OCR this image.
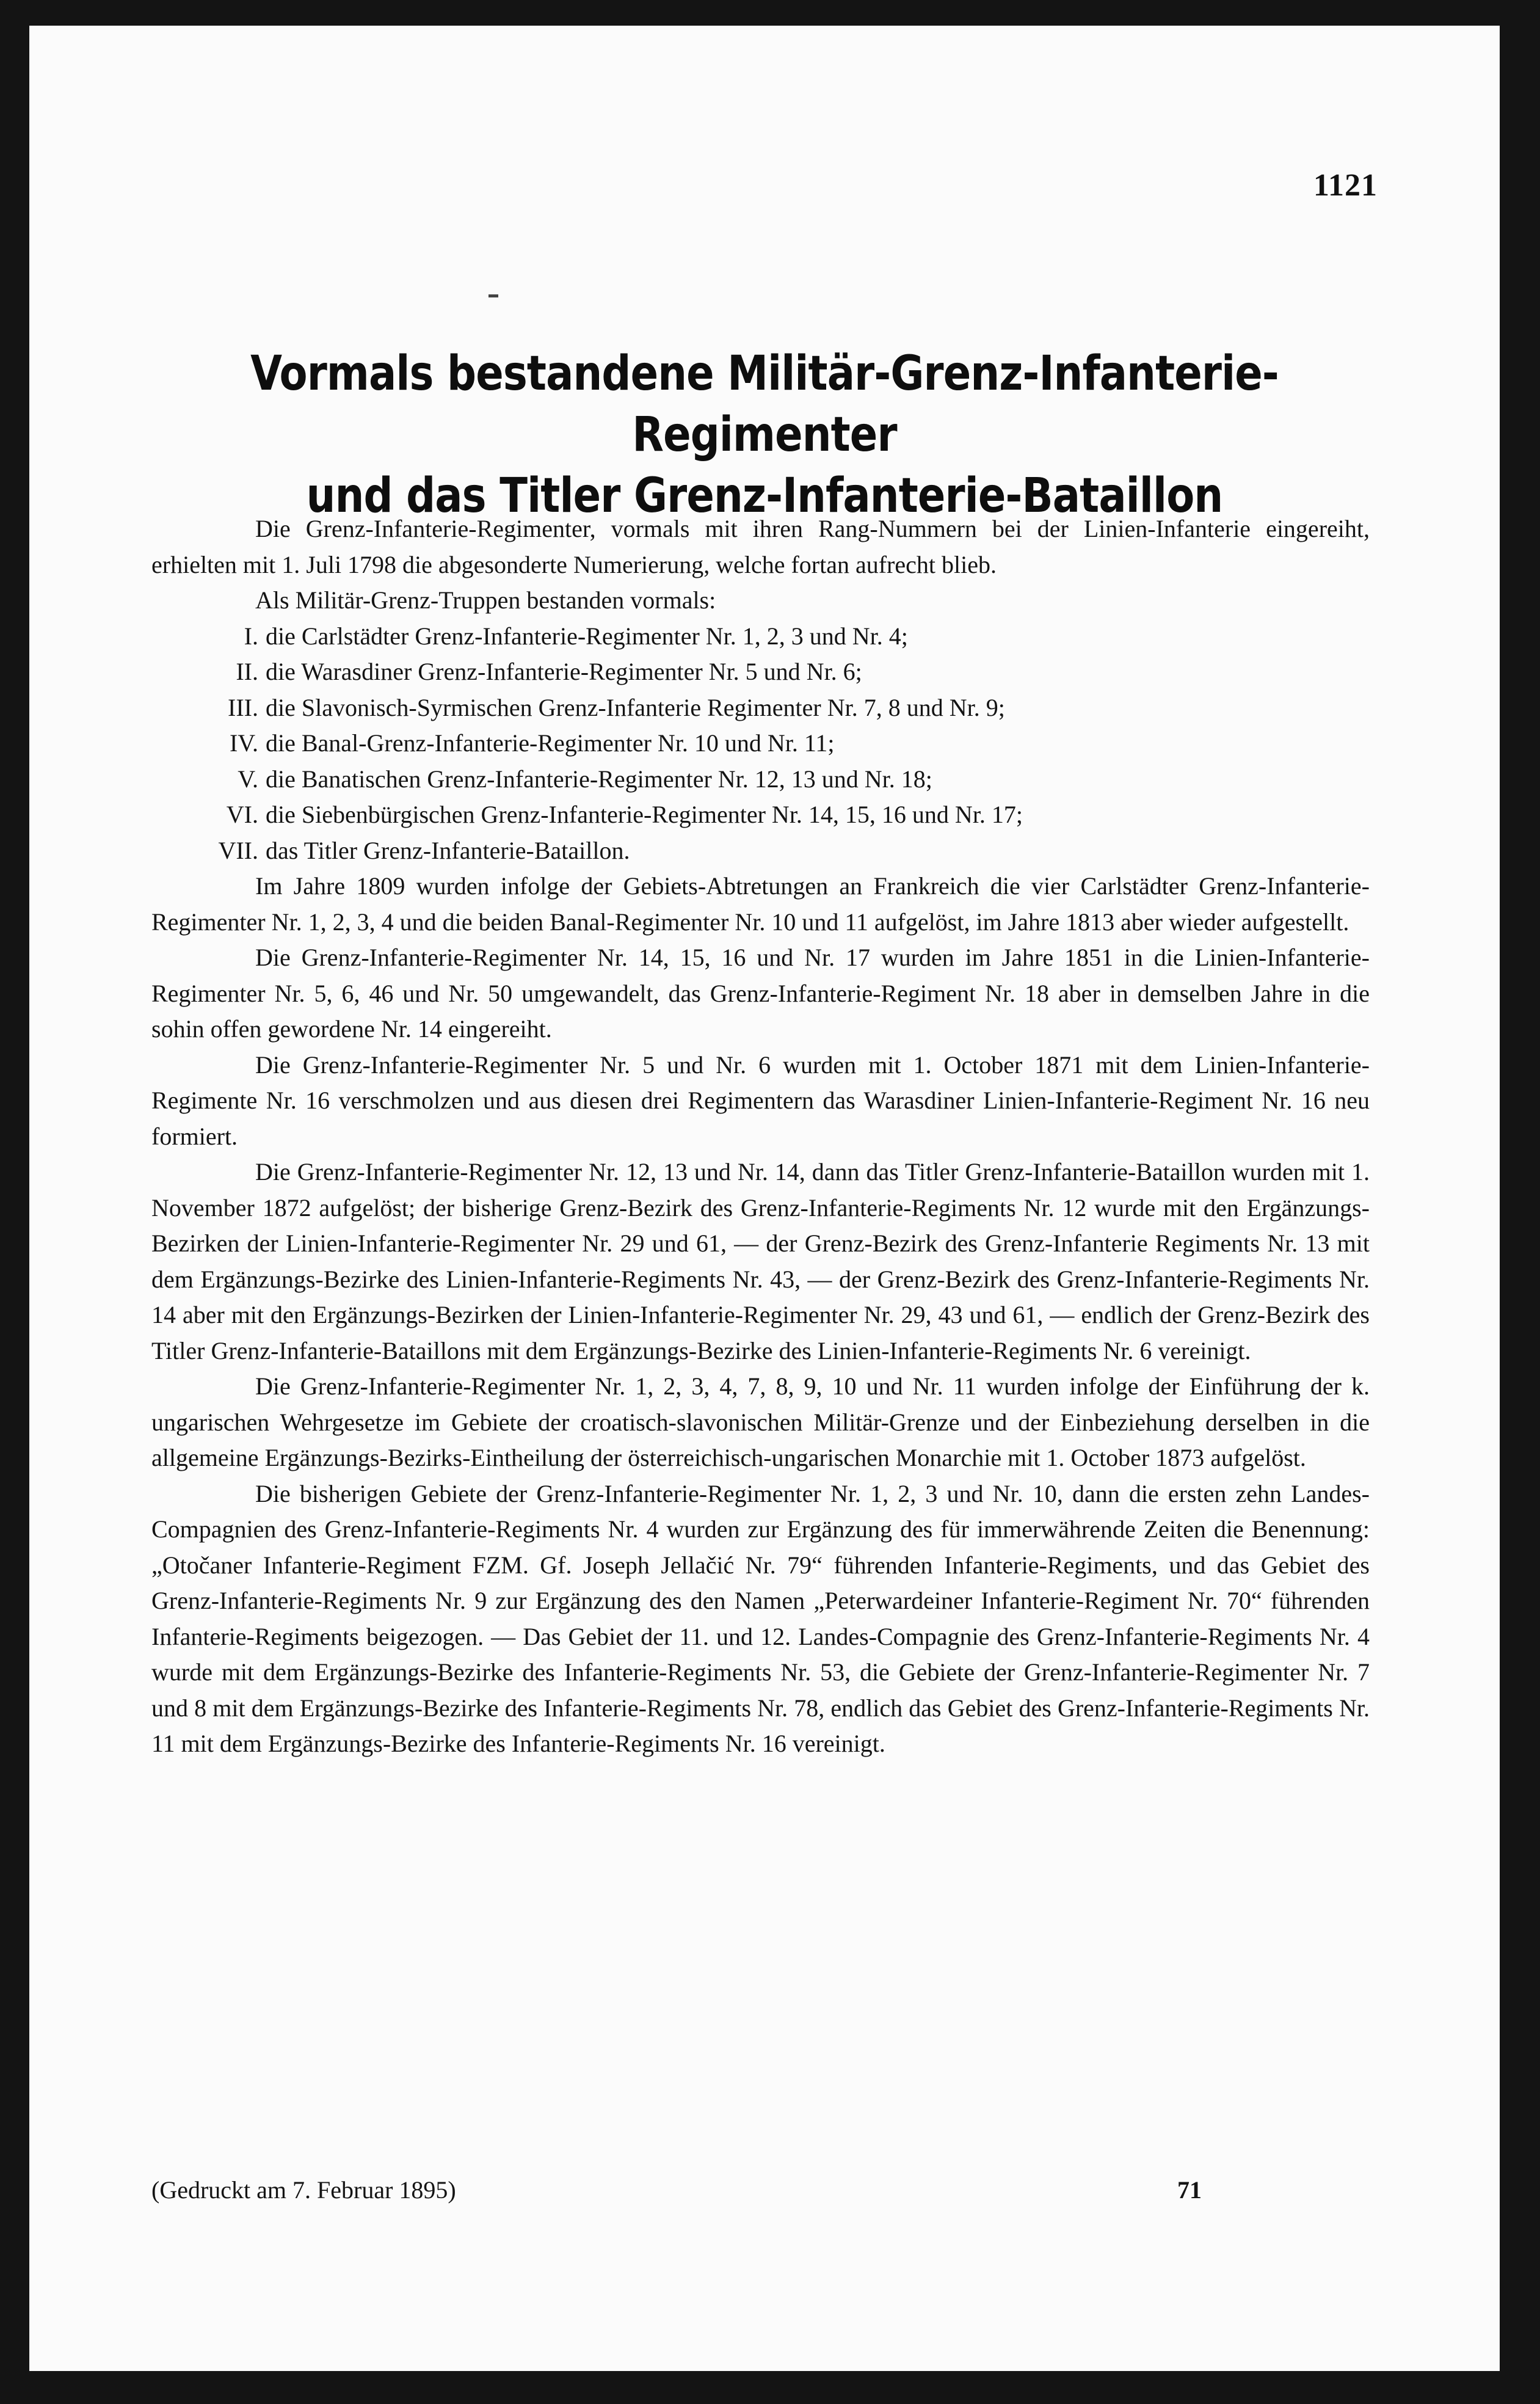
1121
Vormals bestandene Militär-Grenz-Infanterie-Regimenter
und das Titler Grenz-Infanterie-Bataillon

Die Grenz-Infanterie-Regimenter, vormals mit ihren Rang-Nummern bei der Linien-Infanterie eingereiht, erhielten mit 1. Juli 1798 die abgesonderte Numerierung, welche fortan aufrecht blieb.

Als Militär-Grenz-Truppen bestanden vormals:
I. die Carlstädter Grenz-Infanterie-Regimenter Nr. 1, 2, 3 und Nr. 4;
II. die Warasdiner Grenz-Infanterie-Regimenter Nr. 5 und Nr. 6;
III. die Slavonisch-Syrmischen Grenz-Infanterie Regimenter Nr. 7, 8 und Nr. 9;
IV. die Banal-Grenz-Infanterie-Regimenter Nr. 10 und Nr. 11;
V. die Banatischen Grenz-Infanterie-Regimenter Nr. 12, 13 und Nr. 18;
VI. die Siebenbürgischen Grenz-Infanterie-Regimenter Nr. 14, 15, 16 und Nr. 17;
VII. das Titler Grenz-Infanterie-Bataillon.

Im Jahre 1809 wurden infolge der Gebiets-Abtretungen an Frankreich die vier Carlstädter Grenz-Infanterie-Regimenter Nr. 1, 2, 3, 4 und die beiden Banal-Regimenter Nr. 10 und 11 aufgelöst, im Jahre 1813 aber wieder aufgestellt.

Die Grenz-Infanterie-Regimenter Nr. 14, 15, 16 und Nr. 17 wurden im Jahre 1851 in die Linien-Infanterie-Regimenter Nr. 5, 6, 46 und Nr. 50 umgewandelt, das Grenz-Infanterie-Regiment Nr. 18 aber in demselben Jahre in die sohin offen gewordene Nr. 14 eingereiht.

Die Grenz-Infanterie-Regimenter Nr. 5 und Nr. 6 wurden mit 1. October 1871 mit dem Linien-Infanterie-Regimente Nr. 16 verschmolzen und aus diesen drei Regimentern das Warasdiner Linien-Infanterie-Regiment Nr. 16 neu formiert.

Die Grenz-Infanterie-Regimenter Nr. 12, 13 und Nr. 14, dann das Titler Grenz-Infanterie-Bataillon wurden mit 1. November 1872 aufgelöst; der bisherige Grenz-Bezirk des Grenz-Infanterie-Regiments Nr. 12 wurde mit den Ergänzungs-Bezirken der Linien-Infanterie-Regimenter Nr. 29 und 61, — der Grenz-Bezirk des Grenz-Infanterie Regiments Nr. 13 mit dem Ergänzungs-Bezirke des Linien-Infanterie-Regiments Nr. 43, — der Grenz-Bezirk des Grenz-Infanterie-Regiments Nr. 14 aber mit den Ergänzungs-Bezirken der Linien-Infanterie-Regimenter Nr. 29, 43 und 61, — endlich der Grenz-Bezirk des Titler Grenz-Infanterie-Bataillons mit dem Ergänzungs-Bezirke des Linien-Infanterie-Regiments Nr. 6 vereinigt.

Die Grenz-Infanterie-Regimenter Nr. 1, 2, 3, 4, 7, 8, 9, 10 und Nr. 11 wurden infolge der Einführung der k. ungarischen Wehrgesetze im Gebiete der croatisch-slavonischen Militär-Grenze und der Einbeziehung derselben in die allgemeine Ergänzungs-Bezirks-Eintheilung der österreichisch-ungarischen Monarchie mit 1. October 1873 aufgelöst.

Die bisherigen Gebiete der Grenz-Infanterie-Regimenter Nr. 1, 2, 3 und Nr. 10, dann die ersten zehn Landes-Compagnien des Grenz-Infanterie-Regiments Nr. 4 wurden zur Ergänzung des für immerwährende Zeiten die Benennung: „Otočaner Infanterie-Regiment FZM. Gf. Joseph Jellačić Nr. 79“ führenden Infanterie-Regiments, und das Gebiet des Grenz-Infanterie-Regiments Nr. 9 zur Ergänzung des den Namen „Peterwardeiner Infanterie-Regiment Nr. 70“ führenden Infanterie-Regiments beigezogen. — Das Gebiet der 11. und 12. Landes-Compagnie des Grenz-Infanterie-Regiments Nr. 4 wurde mit dem Ergänzungs-Bezirke des Infanterie-Regiments Nr. 53, die Gebiete der Grenz-Infanterie-Regimenter Nr. 7 und 8 mit dem Ergänzungs-Bezirke des Infanterie-Regiments Nr. 78, endlich das Gebiet des Grenz-Infanterie-Regiments Nr. 11 mit dem Ergänzungs-Bezirke des Infanterie-Regiments Nr. 16 vereinigt.

(Gedruckt am 7. Februar 1895)	71
